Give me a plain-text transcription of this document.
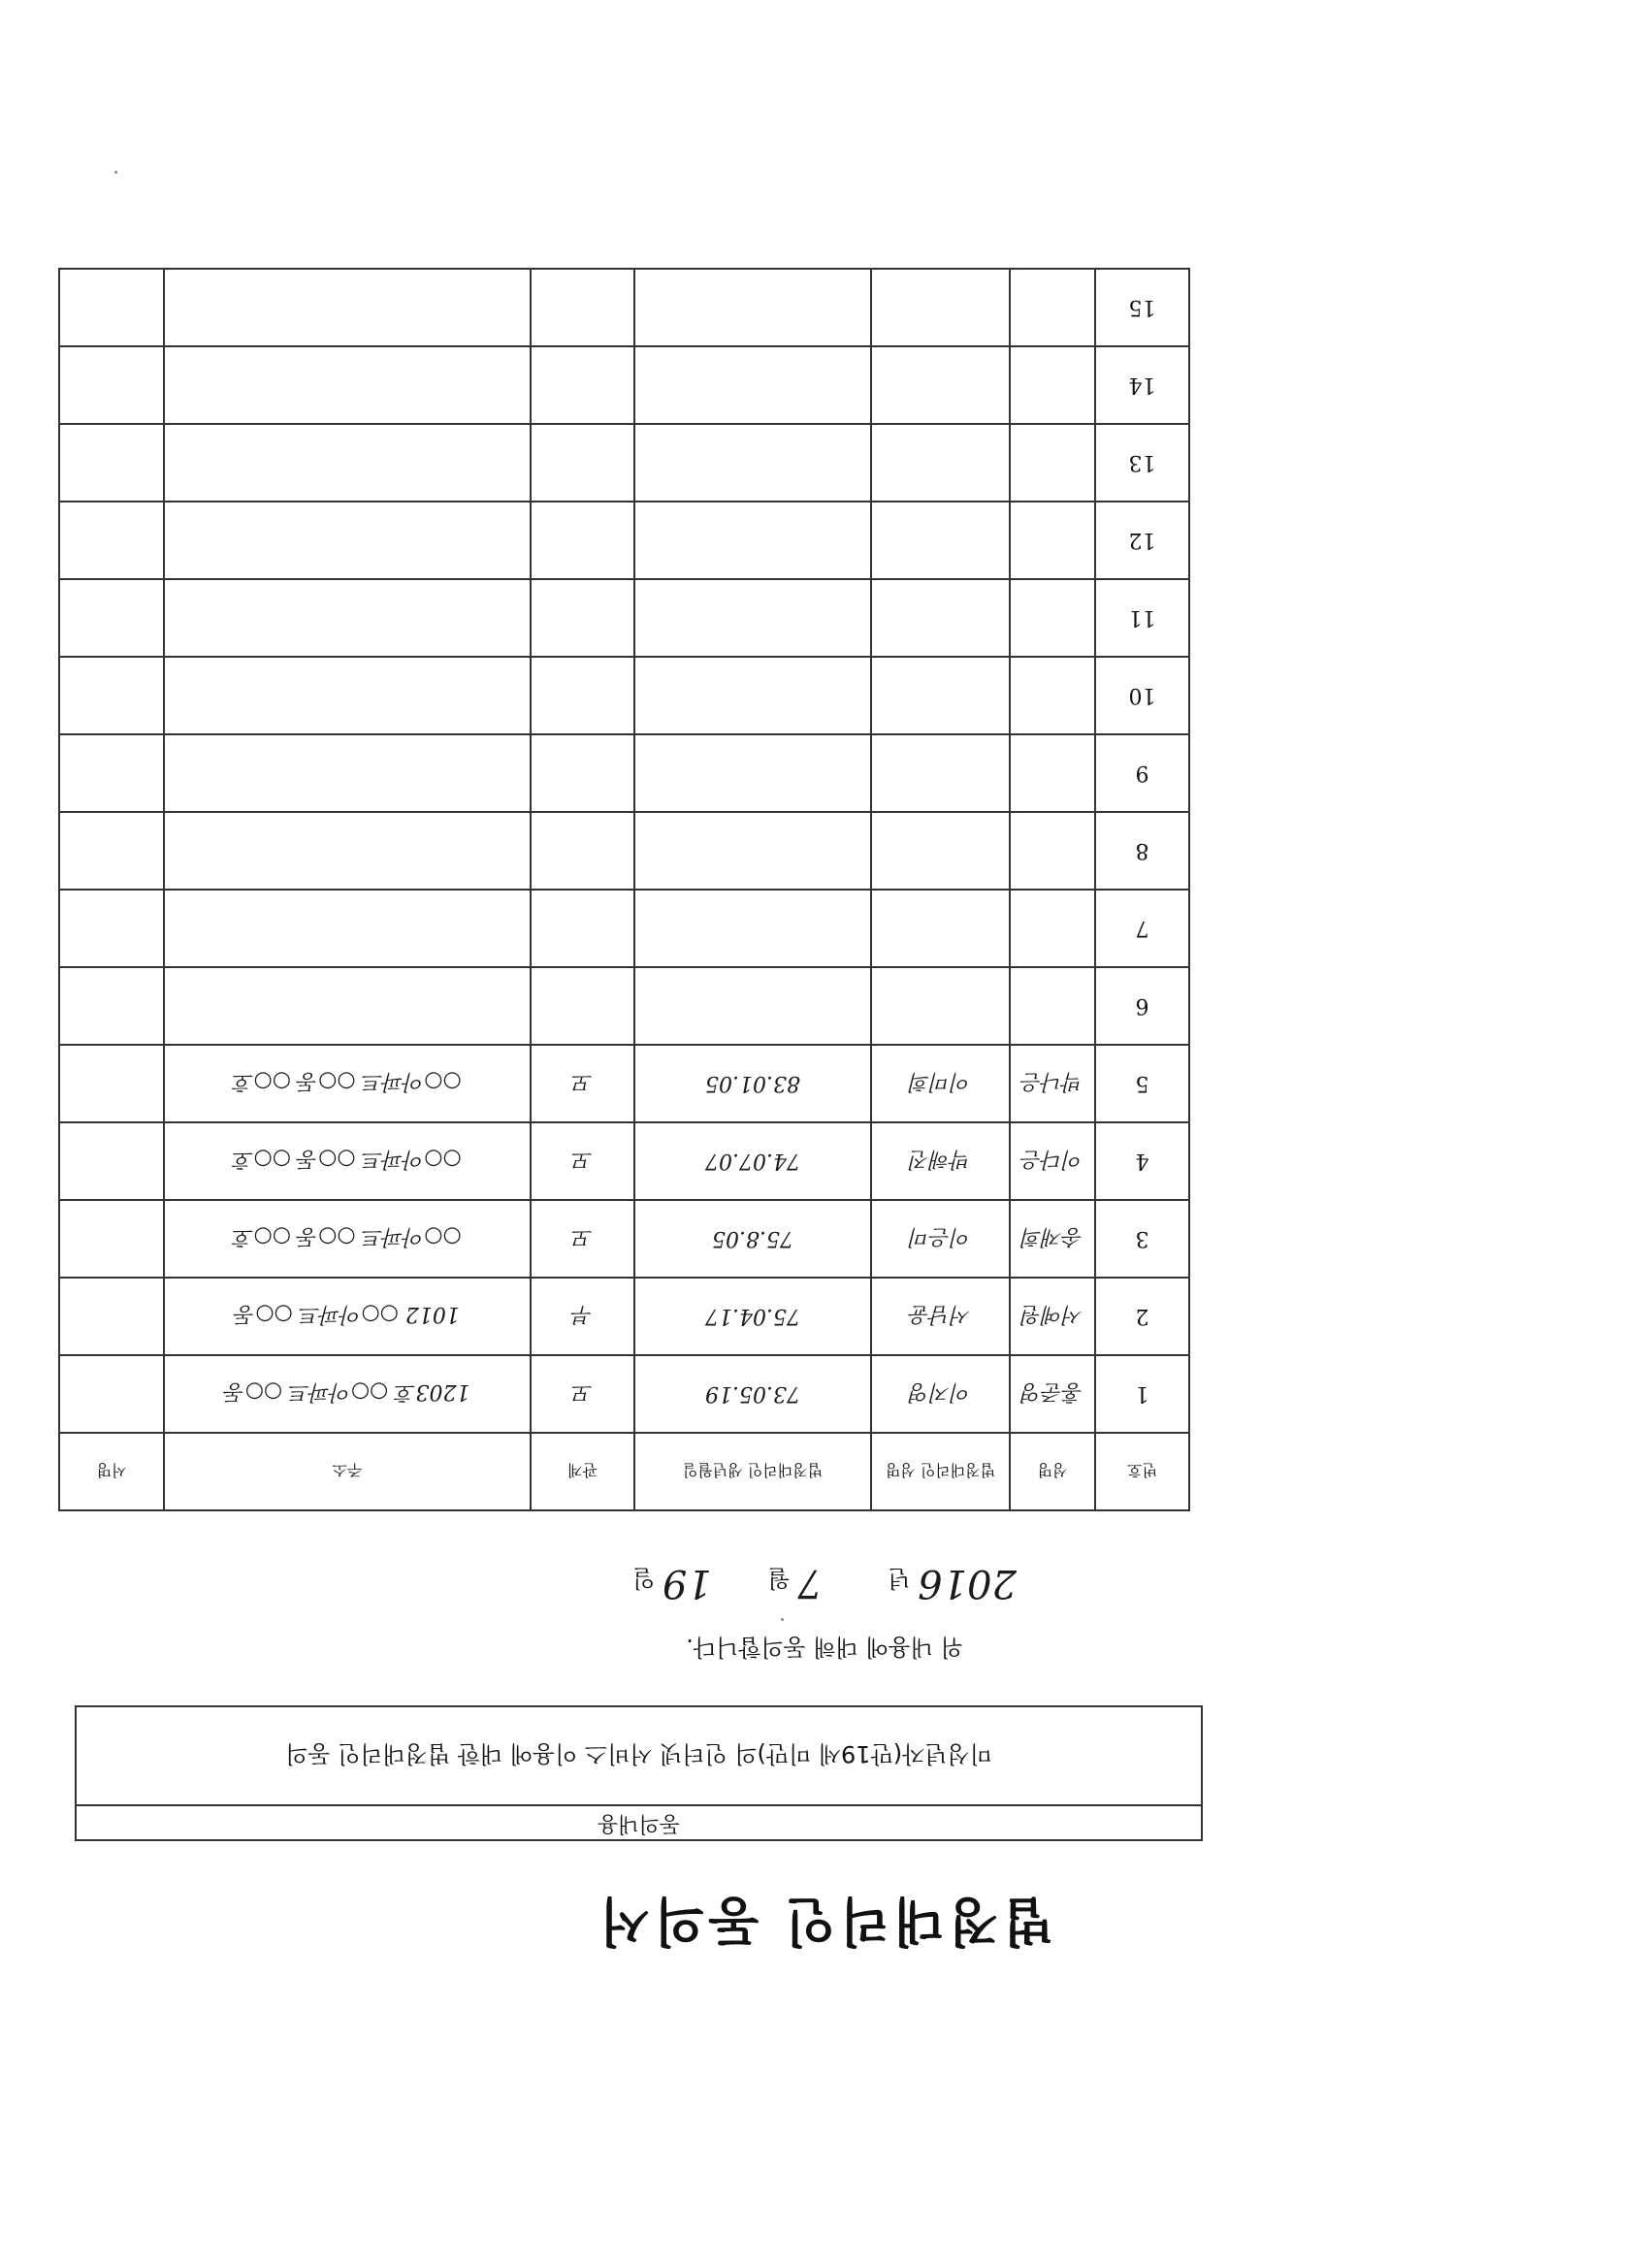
법정대리인 동의서
동의내용
미성년자(만19세 미만)의 인터넷 서비스 이용에 대한 법정대리인 동의
위 내용에 대해 동의합니다.
2016 년 7 월 19 일
번호	성명	법정대리인 성명	법정대리인 생년월일	관계	주소	서명
1	홍준영	이지영	73.05.19	모	1203호 ○○아파트 ○○동	
2	서예원	서남윤	75.04.17	부	1012 ○○아파트 ○○동	
3	송재희	이은미	75.8.05	모	○○아파트 ○○동 ○○호	
4	이다은	박해진	74.07.07	모	○○아파트 ○○동 ○○호	
5	박나은	이미희	83.01.05	모	○○아파트 ○○동 ○○호	
6						
7						
8						
9						
10						
11						
12						
13						
14						
15						
